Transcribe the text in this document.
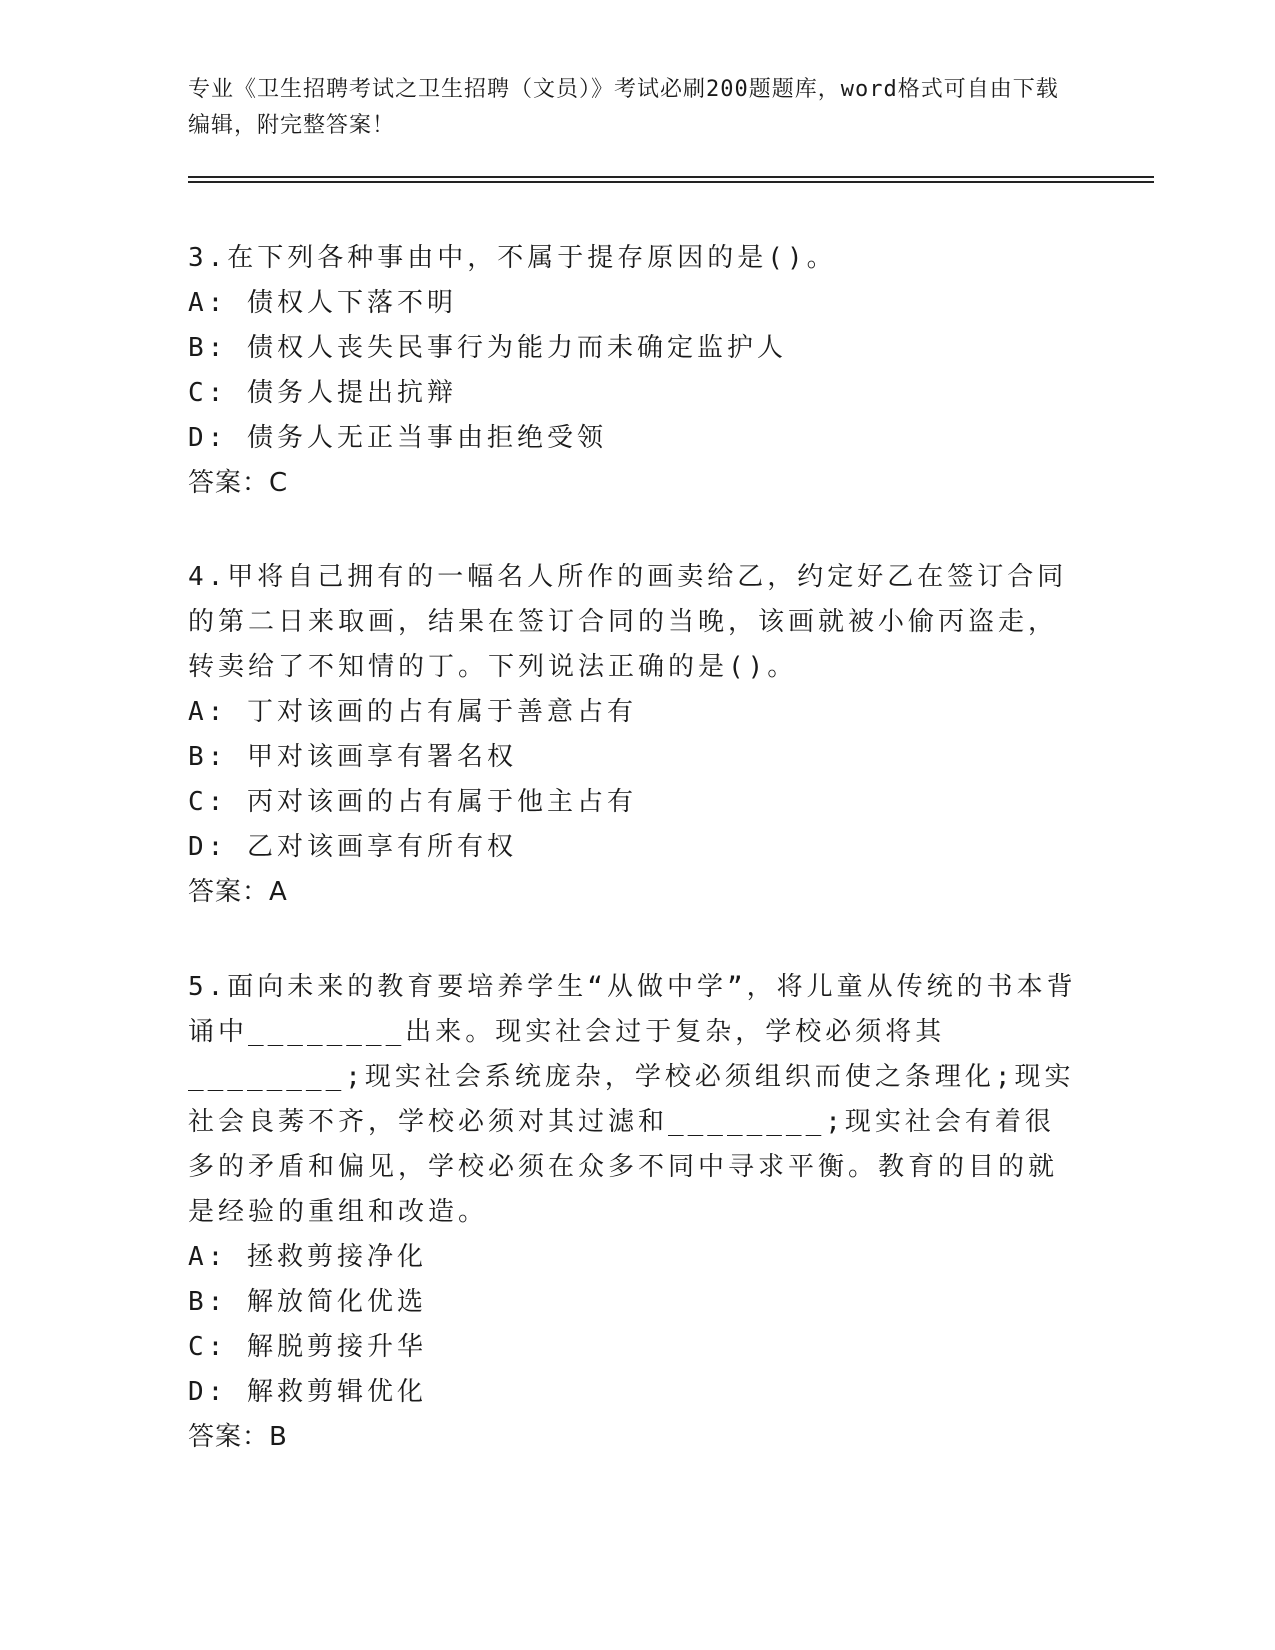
专业《卫生招聘考试之卫生招聘（文员）》考试必刷200题题库，word格式可自由下载编辑，附完整答案！
3.在下列各种事由中，不属于提存原因的是()。
A: 债权人下落不明
B: 债权人丧失民事行为能力而未确定监护人
C: 债务人提出抗辩
D: 债务人无正当事由拒绝受领
答案：C
4.甲将自己拥有的一幅名人所作的画卖给乙，约定好乙在签订合同的第二日来取画，结果在签订合同的当晚，该画就被小偷丙盗走，转卖给了不知情的丁。下列说法正确的是()。
A: 丁对该画的占有属于善意占有
B: 甲对该画享有署名权
C: 丙对该画的占有属于他主占有
D: 乙对该画享有所有权
答案：A
5.面向未来的教育要培养学生“从做中学”，将儿童从传统的书本背诵中________出来。现实社会过于复杂，学校必须将其________;现实社会系统庞杂，学校必须组织而使之条理化;现实社会良莠不齐，学校必须对其过滤和________;现实社会有着很多的矛盾和偏见，学校必须在众多不同中寻求平衡。教育的目的就是经验的重组和改造。
A: 拯救剪接净化
B: 解放简化优选
C: 解脱剪接升华
D: 解救剪辑优化
答案：B
